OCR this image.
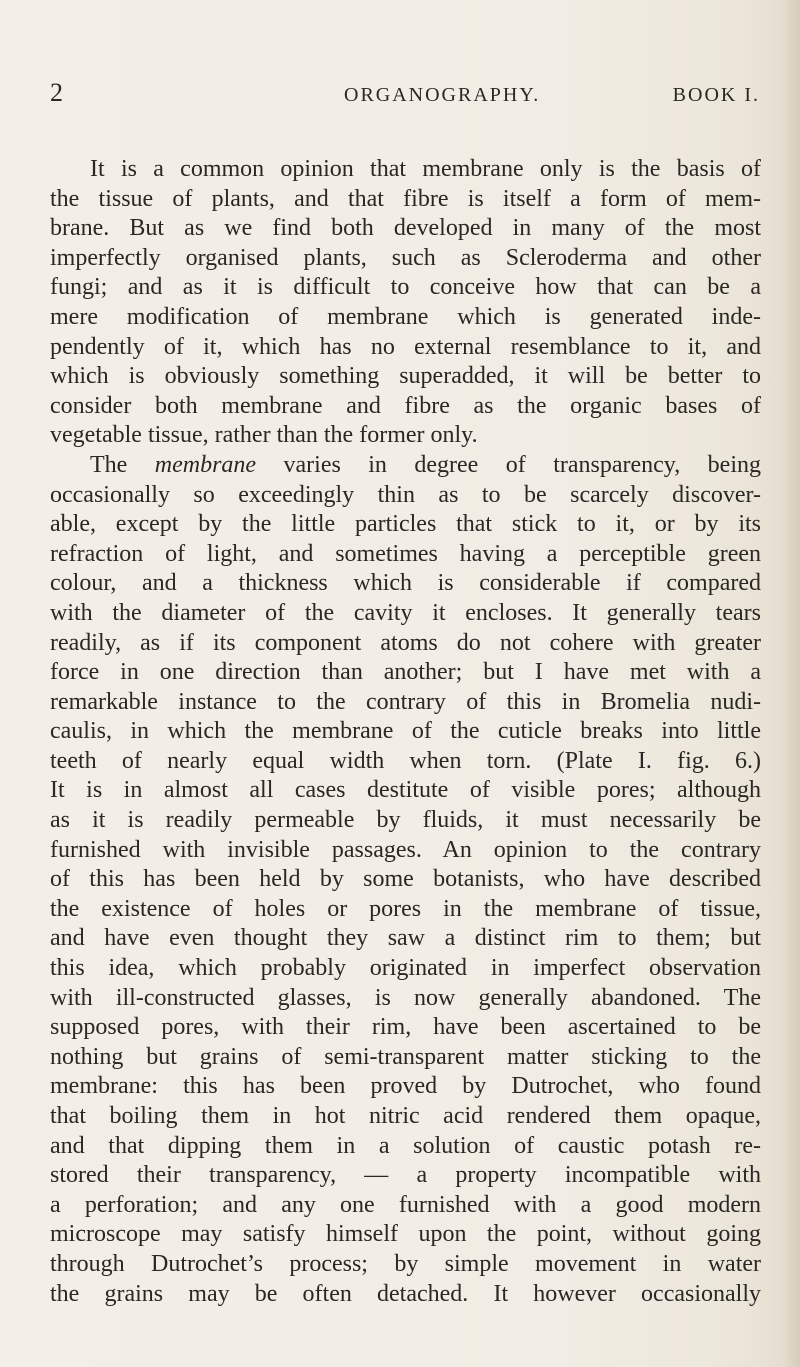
2	ORGANOGRAPHY.	BOOK I.
It is a common opinion that membrane only is the basis of
the tissue of plants, and that fibre is itself a form of mem-
brane. But as we find both developed in many of the most
imperfectly organised plants, such as Scleroderma and other
fungi; and as it is difficult to conceive how that can be a
mere modification of membrane which is generated inde-
pendently of it, which has no external resemblance to it, and
which is obviously something superadded, it will be better to
consider both membrane and fibre as the organic bases of
vegetable tissue, rather than the former only.
The membrane varies in degree of transparency, being
occasionally so exceedingly thin as to be scarcely discover-
able, except by the little particles that stick to it, or by its
refraction of light, and sometimes having a perceptible green
colour, and a thickness which is considerable if compared
with the diameter of the cavity it encloses. It generally tears
readily, as if its component atoms do not cohere with greater
force in one direction than another; but I have met with a
remarkable instance to the contrary of this in Bromelia nudi-
caulis, in which the membrane of the cuticle breaks into little
teeth of nearly equal width when torn. (Plate I. fig. 6.)
It is in almost all cases destitute of visible pores; although
as it is readily permeable by fluids, it must necessarily be
furnished with invisible passages. An opinion to the contrary
of this has been held by some botanists, who have described
the existence of holes or pores in the membrane of tissue,
and have even thought they saw a distinct rim to them; but
this idea, which probably originated in imperfect observation
with ill-constructed glasses, is now generally abandoned. The
supposed pores, with their rim, have been ascertained to be
nothing but grains of semi-transparent matter sticking to the
membrane: this has been proved by Dutrochet, who found
that boiling them in hot nitric acid rendered them opaque,
and that dipping them in a solution of caustic potash re-
stored their transparency, — a property incompatible with
a perforation; and any one furnished with a good modern
microscope may satisfy himself upon the point, without going
through Dutrochet’s process; by simple movement in water
the grains may be often detached. It however occasionally
